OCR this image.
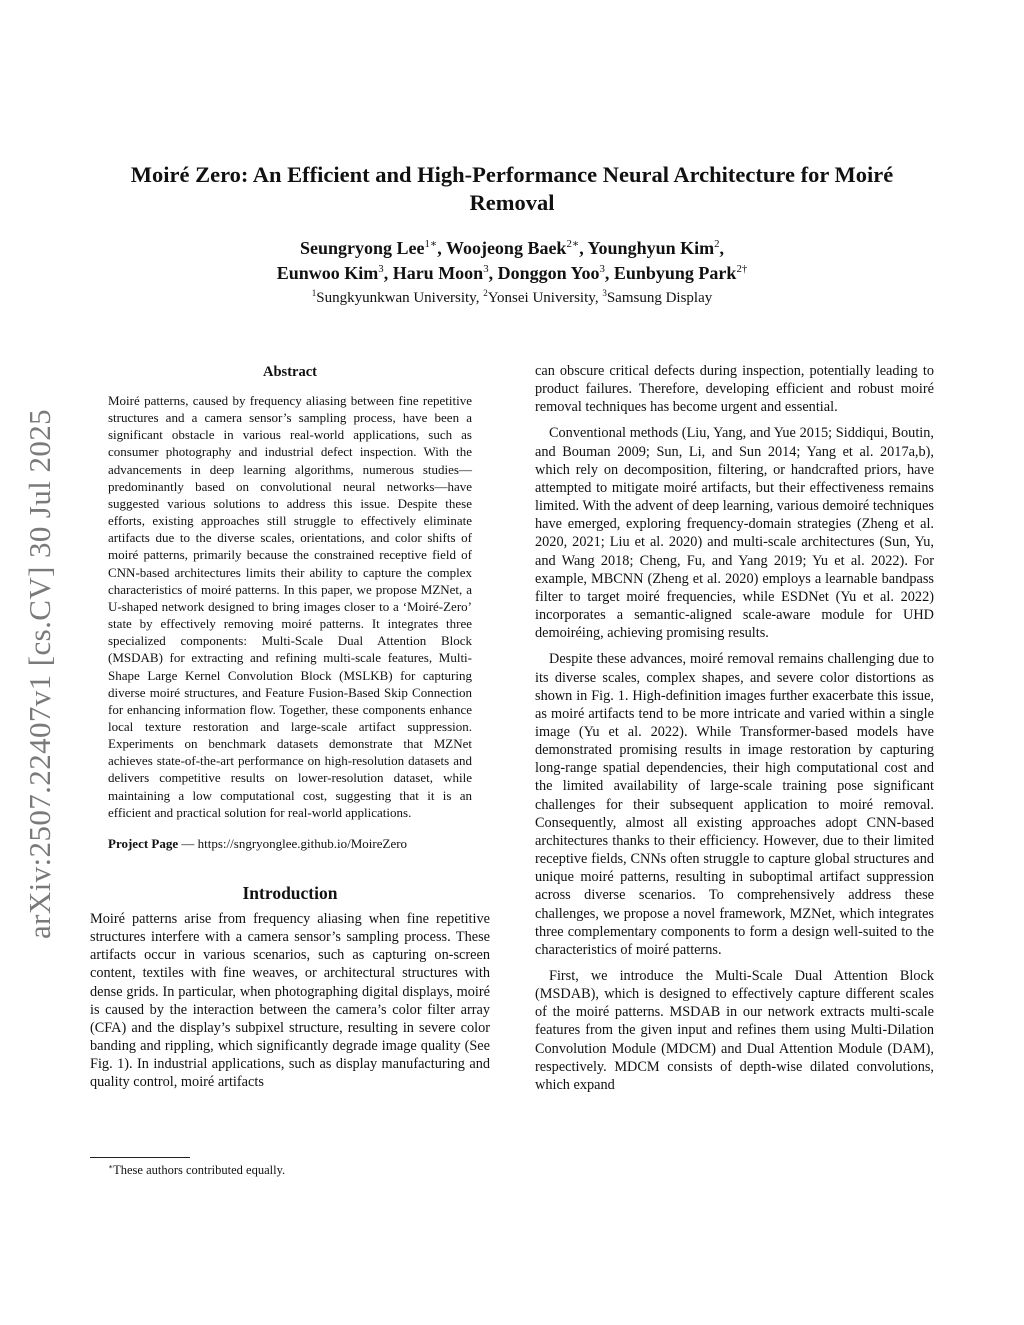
arXiv:2507.22407v1 [cs.CV] 30 Jul 2025
Moiré Zero: An Efficient and High-Performance Neural Architecture for Moiré Removal
Seungryong Lee$^{1∗}$, Woojeong Baek$^{2∗}$, Younghyun Kim$^2$,
Eunwoo Kim$^3$, Haru Moon$^3$, Donggon Yoo$^3$, Eunbyung Park$^{2\dagger}$
$^1$Sungkyunkwan University, $^2$Yonsei University, $^3$Samsung Display
Abstract

Moiré patterns, caused by frequency aliasing between fine repetitive structures and a camera sensor’s sampling process, have been a significant obstacle in various real-world applications, such as consumer photography and industrial defect inspection. With the advancements in deep learning algorithms, numerous studies—predominantly based on convolutional neural networks—have suggested various solutions to address this issue. Despite these efforts, existing approaches still struggle to effectively eliminate artifacts due to the diverse scales, orientations, and color shifts of moiré patterns, primarily because the constrained receptive field of CNN-based architectures limits their ability to capture the complex characteristics of moiré patterns. In this paper, we propose MZNet, a U-shaped network designed to bring images closer to a ‘Moiré-Zero’ state by effectively removing moiré patterns. It integrates three specialized components: Multi-Scale Dual Attention Block (MSDAB) for extracting and refining multi-scale features, Multi-Shape Large Kernel Convolution Block (MSLKB) for capturing diverse moiré structures, and Feature Fusion-Based Skip Connection for enhancing information flow. Together, these components enhance local texture restoration and large-scale artifact suppression. Experiments on benchmark datasets demonstrate that MZNet achieves state-of-the-art performance on high-resolution datasets and delivers competitive results on lower-resolution dataset, while maintaining a low computational cost, suggesting that it is an efficient and practical solution for real-world applications.

Project Page — https://sngryonglee.github.io/MoireZero
Introduction

Moiré patterns arise from frequency aliasing when fine repetitive structures interfere with a camera sensor’s sampling process. These artifacts occur in various scenarios, such as capturing on-screen content, textiles with fine weaves, or architectural structures with dense grids. In particular, when photographing digital displays, moiré is caused by the interaction between the camera’s color filter array (CFA) and the display’s subpixel structure, resulting in severe color banding and rippling, which significantly degrade image quality (See Fig. 1). In industrial applications, such as display manufacturing and quality control, moiré artifacts

∗These authors contributed equally.

can obscure critical defects during inspection, potentially leading to product failures. Therefore, developing efficient and robust moiré removal techniques has become urgent and essential.

Conventional methods (Liu, Yang, and Yue 2015; Siddiqui, Boutin, and Bouman 2009; Sun, Li, and Sun 2014; Yang et al. 2017a,b), which rely on decomposition, filtering, or handcrafted priors, have attempted to mitigate moiré artifacts, but their effectiveness remains limited. With the advent of deep learning, various demoiré techniques have emerged, exploring frequency-domain strategies (Zheng et al. 2020, 2021; Liu et al. 2020) and multi-scale architectures (Sun, Yu, and Wang 2018; Cheng, Fu, and Yang 2019; Yu et al. 2022). For example, MBCNN (Zheng et al. 2020) employs a learnable bandpass filter to target moiré frequencies, while ESDNet (Yu et al. 2022) incorporates a semantic-aligned scale-aware module for UHD demoiréing, achieving promising results.

Despite these advances, moiré removal remains challenging due to its diverse scales, complex shapes, and severe color distortions as shown in Fig. 1. High-definition images further exacerbate this issue, as moiré artifacts tend to be more intricate and varied within a single image (Yu et al. 2022). While Transformer-based models have demonstrated promising results in image restoration by capturing long-range spatial dependencies, their high computational cost and the limited availability of large-scale training pose significant challenges for their subsequent application to moiré removal. Consequently, almost all existing approaches adopt CNN-based architectures thanks to their efficiency. However, due to their limited receptive fields, CNNs often struggle to capture global structures and unique moiré patterns, resulting in suboptimal artifact suppression across diverse scenarios. To comprehensively address these challenges, we propose a novel framework, MZNet, which integrates three complementary components to form a design well-suited to the characteristics of moiré patterns.

First, we introduce the Multi-Scale Dual Attention Block (MSDAB), which is designed to effectively capture different scales of the moiré patterns. MSDAB in our network extracts multi-scale features from the given input and refines them using Multi-Dilation Convolution Module (MDCM) and Dual Attention Module (DAM), respectively. MDCM consists of depth-wise dilated convolutions, which expand
